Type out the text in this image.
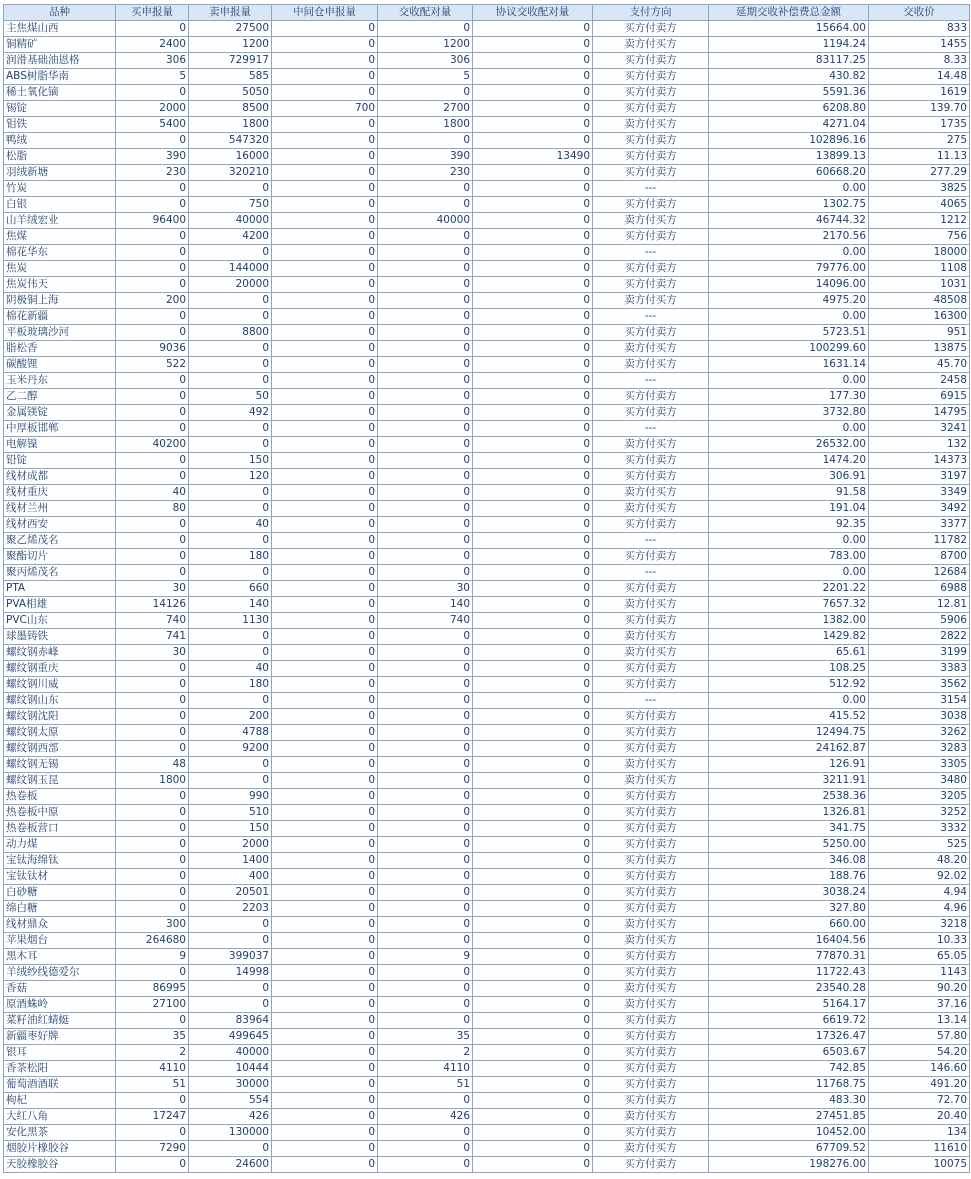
品种	买申报量	卖申报量	中间仓申报量	交收配对量	协议交收配对量	支付方向	延期交收补偿费总金额	交收价
主焦煤山西	0	27500	0	0	0	买方付卖方	15664.00	833
铜精矿	2400	1200	0	1200	0	卖方付买方	1194.24	1455
润滑基础油恩格	306	729917	0	306	0	买方付卖方	83117.25	8.33
ABS树脂华南	5	585	0	5	0	买方付卖方	430.82	14.48
稀土氧化镝	0	5050	0	0	0	买方付卖方	5591.36	1619
锡锭	2000	8500	700	2700	0	买方付卖方	6208.80	139.70
钼铁	5400	1800	0	1800	0	卖方付买方	4271.04	1735
鸭绒	0	547320	0	0	0	买方付卖方	102896.16	275
松脂	390	16000	0	390	13490	买方付卖方	13899.13	11.13
羽绒新塘	230	320210	0	230	0	买方付卖方	60668.20	277.29
竹炭	0	0	0	0	0	---	0.00	3825
白银	0	750	0	0	0	买方付卖方	1302.75	4065
山羊绒宏业	96400	40000	0	40000	0	卖方付买方	46744.32	1212
焦煤	0	4200	0	0	0	买方付卖方	2170.56	756
棉花华东	0	0	0	0	0	---	0.00	18000
焦炭	0	144000	0	0	0	买方付卖方	79776.00	1108
焦炭伟天	0	20000	0	0	0	买方付卖方	14096.00	1031
阴极铜上海	200	0	0	0	0	卖方付买方	4975.20	48508
棉花新疆	0	0	0	0	0	---	0.00	16300
平板玻璃沙河	0	8800	0	0	0	买方付卖方	5723.51	951
脂松香	9036	0	0	0	0	卖方付买方	100299.60	13875
碳酸锂	522	0	0	0	0	卖方付买方	1631.14	45.70
玉米丹东	0	0	0	0	0	---	0.00	2458
乙二醇	0	50	0	0	0	买方付卖方	177.30	6915
金属镁锭	0	492	0	0	0	买方付卖方	3732.80	14795
中厚板邯郸	0	0	0	0	0	---	0.00	3241
电解镍	40200	0	0	0	0	卖方付买方	26532.00	132
铅锭	0	150	0	0	0	买方付卖方	1474.20	14373
线材成都	0	120	0	0	0	买方付卖方	306.91	3197
线材重庆	40	0	0	0	0	卖方付买方	91.58	3349
线材兰州	80	0	0	0	0	卖方付买方	191.04	3492
线材西安	0	40	0	0	0	买方付卖方	92.35	3377
聚乙烯茂名	0	0	0	0	0	---	0.00	11782
聚酯切片	0	180	0	0	0	买方付卖方	783.00	8700
聚丙烯茂名	0	0	0	0	0	---	0.00	12684
PTA	30	660	0	30	0	买方付卖方	2201.22	6988
PVA相雄	14126	140	0	140	0	卖方付买方	7657.32	12.81
PVC山东	740	1130	0	740	0	买方付卖方	1382.00	5906
球墨铸铁	741	0	0	0	0	卖方付买方	1429.82	2822
螺纹钢赤峰	30	0	0	0	0	卖方付买方	65.61	3199
螺纹钢重庆	0	40	0	0	0	买方付卖方	108.25	3383
螺纹钢川威	0	180	0	0	0	买方付卖方	512.92	3562
螺纹钢山东	0	0	0	0	0	---	0.00	3154
螺纹钢沈阳	0	200	0	0	0	买方付卖方	415.52	3038
螺纹钢太原	0	4788	0	0	0	买方付卖方	12494.75	3262
螺纹钢西部	0	9200	0	0	0	买方付卖方	24162.87	3283
螺纹钢无锡	48	0	0	0	0	卖方付买方	126.91	3305
螺纹钢玉昆	1800	0	0	0	0	卖方付买方	3211.91	3480
热卷板	0	990	0	0	0	买方付卖方	2538.36	3205
热卷板中原	0	510	0	0	0	买方付卖方	1326.81	3252
热卷板营口	0	150	0	0	0	买方付卖方	341.75	3332
动力煤	0	2000	0	0	0	买方付卖方	5250.00	525
宝钛海绵钛	0	1400	0	0	0	买方付卖方	346.08	48.20
宝钛钛材	0	400	0	0	0	买方付卖方	188.76	92.02
白砂糖	0	20501	0	0	0	买方付卖方	3038.24	4.94
绵白糖	0	2203	0	0	0	买方付卖方	327.80	4.96
线材鼎众	300	0	0	0	0	卖方付买方	660.00	3218
苹果烟台	264680	0	0	0	0	卖方付买方	16404.56	10.33
黑木耳	9	399037	0	9	0	买方付卖方	77870.31	65.05
羊绒纱线德爱尔	0	14998	0	0	0	买方付卖方	11722.43	1143
香菇	86995	0	0	0	0	卖方付买方	23540.28	90.20
原酒蛛岭	27100	0	0	0	0	卖方付买方	5164.17	37.16
菜籽油红蜻蜓	0	83964	0	0	0	买方付卖方	6619.72	13.14
新疆枣好牌	35	499645	0	35	0	买方付卖方	17326.47	57.80
银耳	2	40000	0	2	0	买方付卖方	6503.67	54.20
香茶松阳	4110	10444	0	4110	0	买方付卖方	742.85	146.60
葡萄酒酒联	51	30000	0	51	0	买方付卖方	11768.75	491.20
枸杞	0	554	0	0	0	买方付卖方	483.30	72.70
大红八角	17247	426	0	426	0	卖方付买方	27451.85	20.40
安化黑茶	0	130000	0	0	0	买方付卖方	10452.00	134
烟胶片橡胶谷	7290	0	0	0	0	卖方付买方	67709.52	11610
天胶橡胶谷	0	24600	0	0	0	买方付卖方	198276.00	10075
